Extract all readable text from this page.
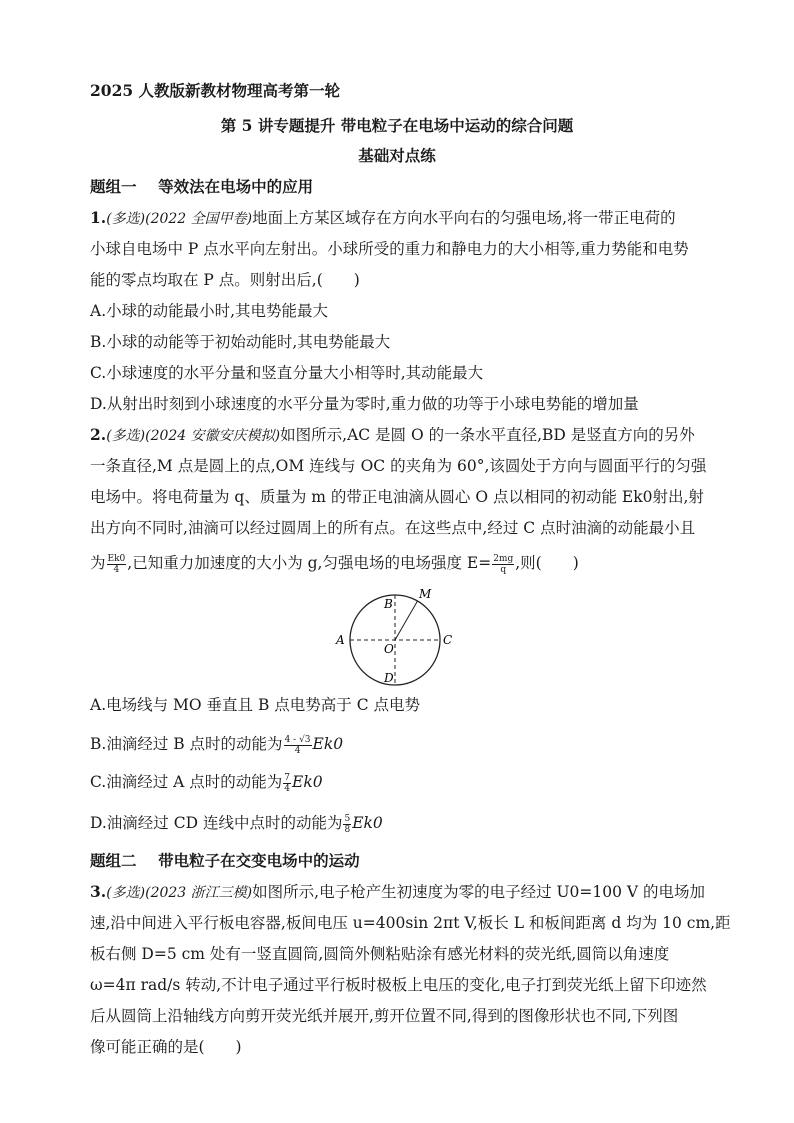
2025 人教版新教材物理高考第一轮
第 5 讲专题提升 带电粒子在电场中运动的综合问题
基础对点练
题组一 等效法在电场中的应用
1.(多选)(2022 全国甲卷)地面上方某区域存在方向水平向右的匀强电场,将一带正电荷的
小球自电场中 P 点水平向左射出。小球所受的重力和静电力的大小相等,重力势能和电势
能的零点均取在 P 点。则射出后,(　　)
A.小球的动能最小时,其电势能最大
B.小球的动能等于初始动能时,其电势能最大
C.小球速度的水平分量和竖直分量大小相等时,其动能最大
D.从射出时刻到小球速度的水平分量为零时,重力做的功等于小球电势能的增加量
2.(多选)(2024 安徽安庆模拟)如图所示,AC 是圆 O 的一条水平直径,BD 是竖直方向的另外
一条直径,M 点是圆上的点,OM 连线与 OC 的夹角为 60°,该圆处于方向与圆面平行的匀强
电场中。将电荷量为 q、质量为 m 的带正电油滴从圆心 O 点以相同的初动能 Ek0射出,射
出方向不同时,油滴可以经过圆周上的所有点。在这些点中,经过 C 点时油滴的动能最小且
为 $\frac{Ek0}{4}$ ,已知重力加速度的大小为 g,匀强电场的电场强度 $E= \frac{2mg}{q}$ ,则(　　)
A	C
B
D
O
M
A.电场线与 MO 垂直且 B 点电势高于 C 点电势
B.油滴经过 B 点时的动能为 $\frac{4 - √3}{4} Ek0$
C.油滴经过 A 点时的动能为 $\frac{7}{4} Ek0$
D.油滴经过 CD 连线中点时的动能为 $\frac{5}{8} Ek0$
题组二 带电粒子在交变电场中的运动
3.(多选)(2023 浙江三模)如图所示,电子枪产生初速度为零的电子经过 U0=100 V 的电场加
速,沿中间进入平行板电容器,板间电压 u=400sin 2πt V,板长 L 和板间距离 d 均为 10 cm,距
板右侧 D=5 cm 处有一竖直圆筒,圆筒外侧粘贴涂有感光材料的荧光纸,圆筒以角速度
ω=4π rad/s 转动,不计电子通过平行板时极板上电压的变化,电子打到荧光纸上留下印迹然
后从圆筒上沿轴线方向剪开荧光纸并展开,剪开位置不同,得到的图像形状也不同,下列图
像可能正确的是(　　)
